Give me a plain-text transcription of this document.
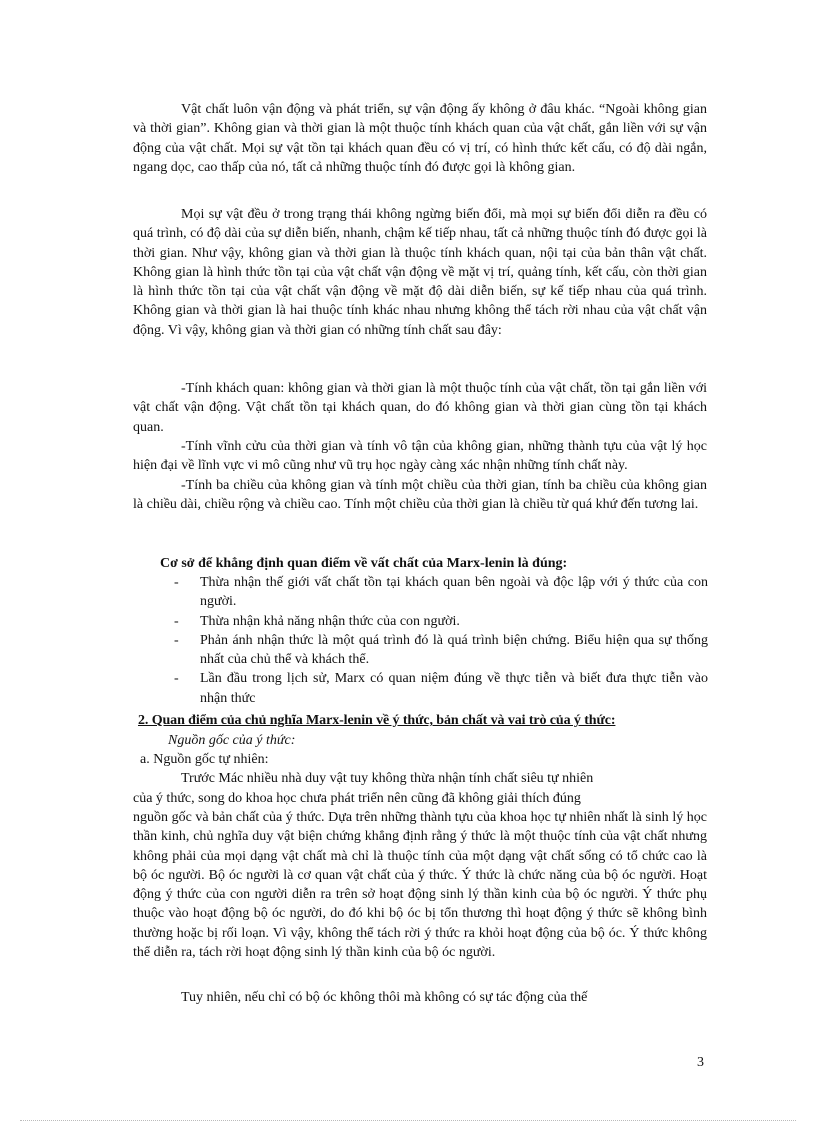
Vật chất luôn vận động và phát triển, sự vận động ấy không ở đâu khác. “Ngoài không gian và thời gian”. Không gian và thời gian là một thuộc tính khách quan của vật chất, gắn liền với sự vận động của vật chất. Mọi sự vật tồn tại khách quan đều có vị trí, có hình thức kết cấu, có độ dài ngắn, ngang dọc, cao thấp của nó, tất cả những thuộc tính đó được gọi là không gian.

Mọi sự vật đều ở trong trạng thái không ngừng biến đổi, mà mọi sự biến đổi diễn ra đều có quá trình, có độ dài của sự diễn biến, nhanh, chậm kế tiếp nhau, tất cả những thuộc tính đó được gọi là thời gian. Như vậy, không gian và thời gian là thuộc tính khách quan, nội tại của bản thân vật chất. Không gian là hình thức tồn tại của vật chất vận động về mặt vị trí, quảng tính, kết cấu, còn thời gian là hình thức tồn tại của vật chất vận động về mặt độ dài diễn biến, sự kế tiếp nhau của quá trình. Không gian và thời gian là hai thuộc tính khác nhau nhưng không thể tách rời nhau của vật chất vận động. Vì vậy, không gian và thời gian có những tính chất sau đây:

-Tính khách quan: không gian và thời gian là một thuộc tính của vật chất, tồn tại gắn liền với vật chất vận động. Vật chất tồn tại khách quan, do đó không gian và thời gian cùng tồn tại khách quan.

-Tính vĩnh cửu của thời gian và tính vô tận của không gian, những thành tựu của vật lý học hiện đại về lĩnh vực vi mô cũng như vũ trụ học ngày càng xác nhận những tính chất này.

-Tính ba chiều của không gian và tính một chiều của thời gian, tính ba chiều của không gian là chiều dài, chiều rộng và chiều cao. Tính một chiều của thời gian là chiều từ quá khứ đến tương lai.

Cơ sở để khẳng định quan điểm về vất chất của Marx-lenin là đúng:
- Thừa nhận thế giới vất chất tồn tại khách quan bên ngoài và độc lập với ý thức của con người.
- Thừa nhận khả năng nhận thức của con người.
- Phản ánh nhận thức là một quá trình đó là quá trình biện chứng. Biểu hiện qua sự thống nhất của chủ thể và khách thể.
- Lần đầu trong lịch sử, Marx có quan niệm đúng về thực tiễn và biết đưa thực tiễn vào nhận thức
2. Quan điểm của chủ nghĩa Marx-lenin về ý thức, bản chất và vai trò của ý thức:
Nguồn gốc của ý thức:
a. Nguồn gốc tự nhiên:
Trước Mác nhiều nhà duy vật tuy không thừa nhận tính chất siêu tự nhiên
của ý thức, song do khoa học chưa phát triển nên cũng đã không giải thích đúng

nguồn gốc và bản chất của ý thức. Dựa trên những thành tựu của khoa học tự nhiên nhất là sinh lý học thần kinh, chủ nghĩa duy vật biện chứng khẳng định rằng ý thức là một thuộc tính của vật chất nhưng không phải của mọi dạng vật chất mà chỉ là thuộc tính của một dạng vật chất sống có tổ chức cao là bộ óc người. Bộ óc người là cơ quan vật chất của ý thức. Ý thức là chức năng của bộ óc người. Hoạt động ý thức của con người diễn ra trên sở hoạt động sinh lý thần kinh của bộ óc người. Ý thức phụ thuộc vào hoạt động bộ óc người, do đó khi bộ óc bị tổn thương thì hoạt động ý thức sẽ không bình thường hoặc bị rối loạn. Vì vậy, không thể tách rời ý thức ra khỏi hoạt động của bộ óc. Ý thức không thể diễn ra, tách rời hoạt động sinh lý thần kinh của bộ óc người.

Tuy nhiên, nếu chỉ có bộ óc không thôi mà không có sự tác động của thế

3
